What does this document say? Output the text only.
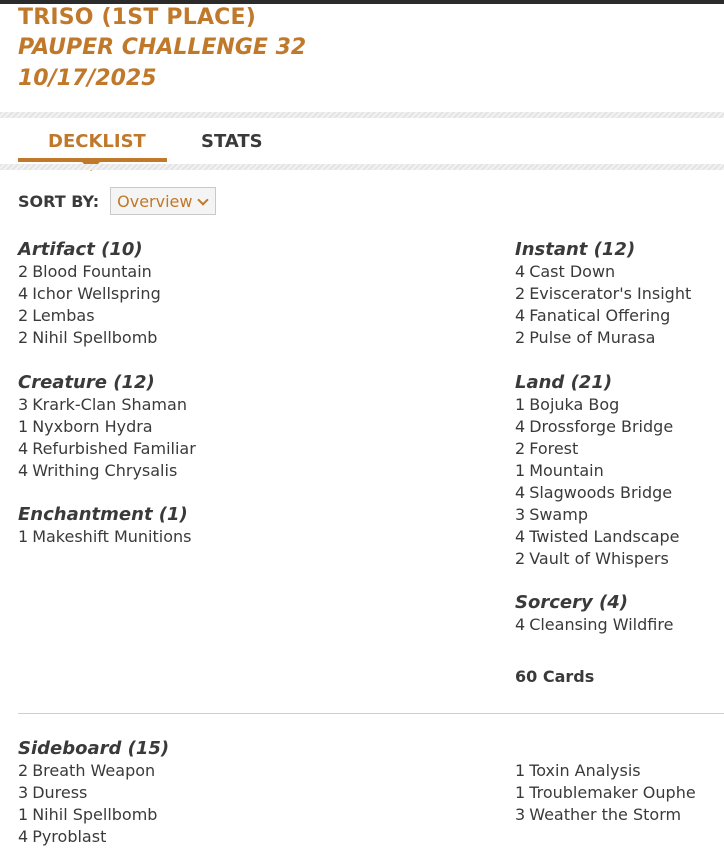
TRISO (1ST PLACE)
PAUPER CHALLENGE 32
10/17/2025
DECKLIST	STATS
SORT BY: Overview
Artifact (10)
2 Blood Fountain
4 Ichor Wellspring
2 Lembas
2 Nihil Spellbomb
Creature (12)
3 Krark-Clan Shaman
1 Nyxborn Hydra
4 Refurbished Familiar
4 Writhing Chrysalis
Enchantment (1)
1 Makeshift Munitions
Instant (12)
4 Cast Down
2 Eviscerator's Insight
4 Fanatical Offering
2 Pulse of Murasa
Land (21)
1 Bojuka Bog
4 Drossforge Bridge
2 Forest
1 Mountain
4 Slagwoods Bridge
3 Swamp
4 Twisted Landscape
2 Vault of Whispers
Sorcery (4)
4 Cleansing Wildfire
60 Cards
Sideboard (15)
2 Breath Weapon
3 Duress
1 Nihil Spellbomb
4 Pyroblast
1 Toxin Analysis
1 Troublemaker Ouphe
3 Weather the Storm
